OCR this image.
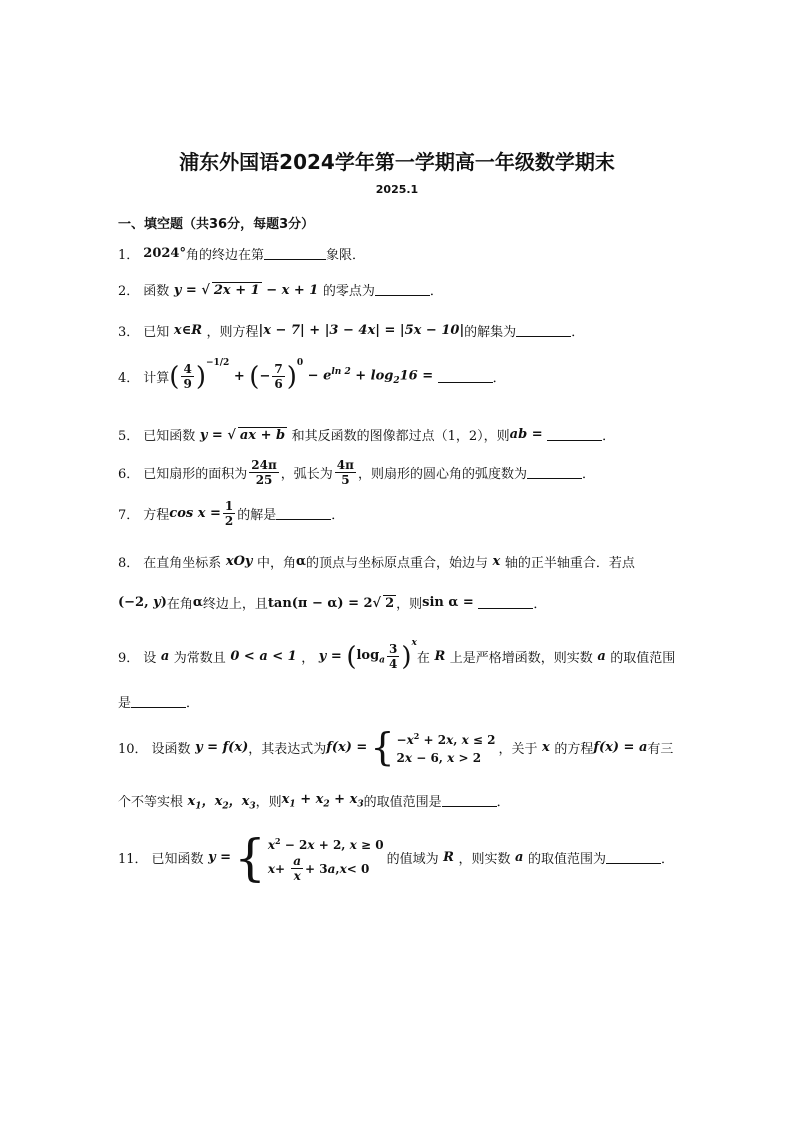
浦东外国语2024学年第一学期高一年级数学期末
2025.1
一、填空题（共36分，每题3分）
1． 2024° 角的终边在第	象限．
2． 函数 y = √ 2x + 1 − x + 1 的零点为	．
3． 已知 x∈R ，则方程 |x − 7| + |3 − 4x| = |5x − 10| 的解集为	．
4． 计算 ( $\frac{4}{9}$ ) −1/2
+ ( − $\frac{7}{6}$ ) 0
− $e^{ln 2} + \log_216$ =	．
5． 已知函数 y = √ ax + b 和其反函数的图像都过点（1，2），则 ab =	．
6． 已知扇形的面积为 $\frac{24\pi}{25}$ ，弧长为 $\frac{4\pi}{5}$ ，则扇形的圆心角的弧度数为	．
7． 方程 $\cos x = \frac{1}{2}$ 的解是	．
8． 在直角坐标系 xOy 中，角 α 的顶点与坐标原点重合，始边与 x 轴的正半轴重合．若点
(−2, y) 在角 α 终边上，且 tan(π − α) = 2√ 2 ，则 sin α =	．
9． 设 a 为常数且 0 < a < 1 ， y = ( $\log_a \frac{3}{4}$ ) x
在 R 上是严格增函数，则实数 a 的取值范围
是	．
10． 设函数 y = f(x) ，其表达式为 f(x) = { $-x^2 + 2x$, x ≤ 2
2x − 6, x > 2
，关于 x 的方程 f(x) = a 有三
个不等实根 $x_1$，$x_2$，$x_3$ ，则 $x_1 + x_2 + x_3$ 的取值范围是	．
11． 已知函数 y = { $x^2 - 2x + 2$, x ≥ 0
$x + \frac{a}{x} + 3$ a , x < 0
的值域为 R ，则实数 a 的取值范围为	．
